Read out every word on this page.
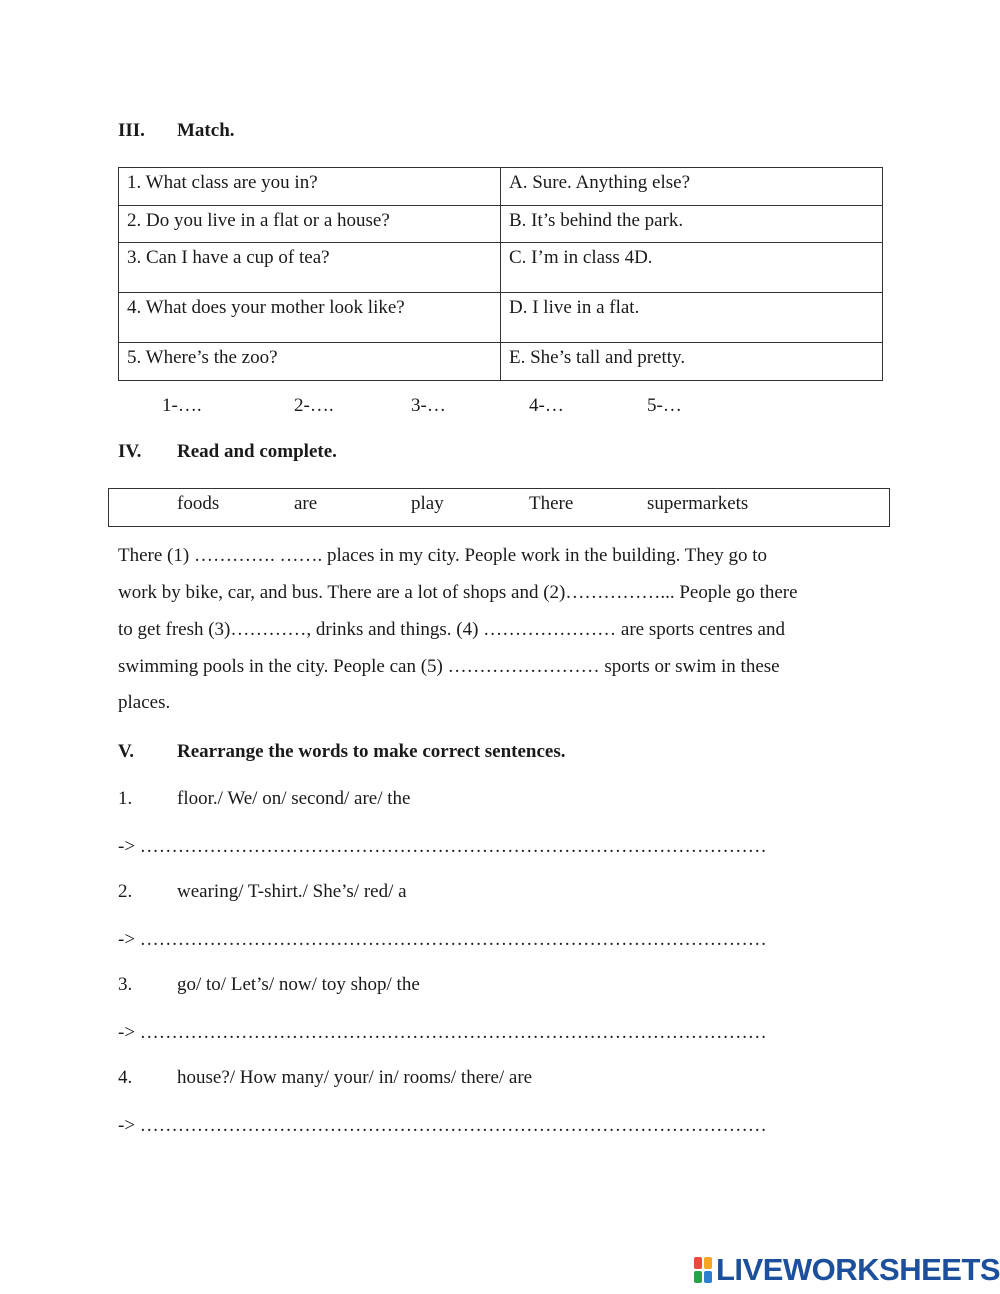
III. Match.
1. What class are you in?	A. Sure. Anything else?
2. Do you live in a flat or a house?	B. It’s behind the park.
3. Can I have a cup of tea?	C. I’m in class 4D.
4. What does your mother look like?	D. I live in a flat.
5. Where’s the zoo?	E. She’s tall and pretty.
1-….	2-….	3-…	4-…	5-…
IV. Read and complete.
foods	are	play	There	supermarkets

There (1) …………. ……. places in my city. People work in the building. They go to

work by bike, car, and bus. There are a lot of shops and (2)……………... People go there

to get fresh (3)…………, drinks and things. (4) ………………… are sports centres and

swimming pools in the city. People can (5) …………………… sports or swim in these

places.

V. Rearrange the words to make correct sentences.
1. floor./ We/ on/ second/ are/ the
-> ………………………………………………………………………………………
2. wearing/ T-shirt./ She’s/ red/ a
-> ………………………………………………………………………………………
3. go/ to/ Let’s/ now/ toy shop/ the
-> ………………………………………………………………………………………
4. house?/ How many/ your/ in/ rooms/ there/ are
-> ………………………………………………………………………………………
LIVEWORKSHEETS
